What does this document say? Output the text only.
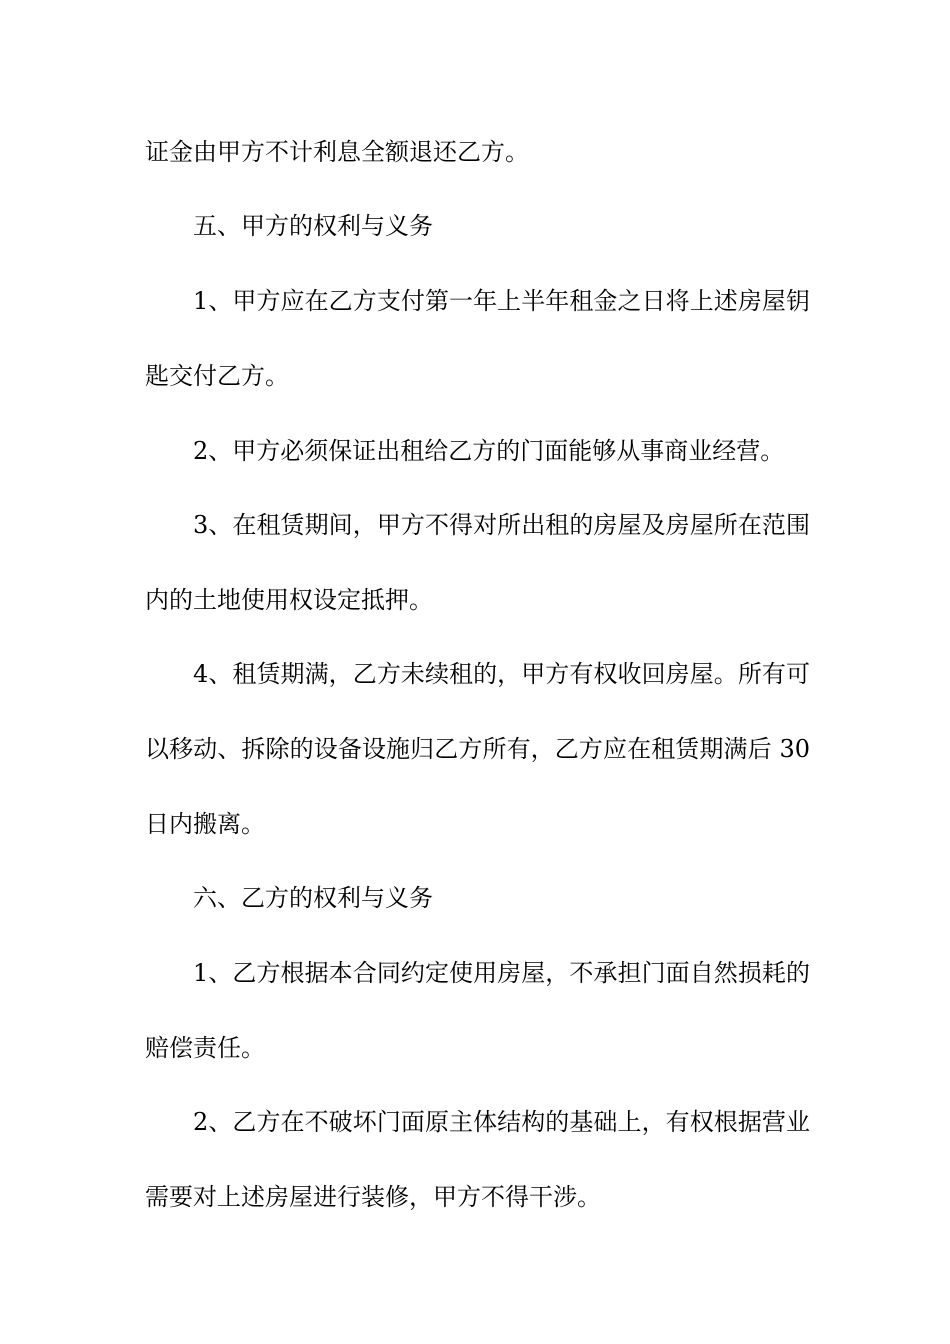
证金由甲方不计利息全额退还乙方。
五、甲方的权利与义务
1、甲方应在乙方支付第一年上半年租金之日将上述房屋钥
匙交付乙方。
2、甲方必须保证出租给乙方的门面能够从事商业经营。
3、在租赁期间，甲方不得对所出租的房屋及房屋所在范围
内的土地使用权设定抵押。
4、租赁期满，乙方未续租的，甲方有权收回房屋。所有可
以移动、拆除的设备设施归乙方所有，乙方应在租赁期满后 30
日内搬离。
六、乙方的权利与义务
1、乙方根据本合同约定使用房屋，不承担门面自然损耗的
赔偿责任。
2、乙方在不破坏门面原主体结构的基础上，有权根据营业
需要对上述房屋进行装修，甲方不得干涉。
